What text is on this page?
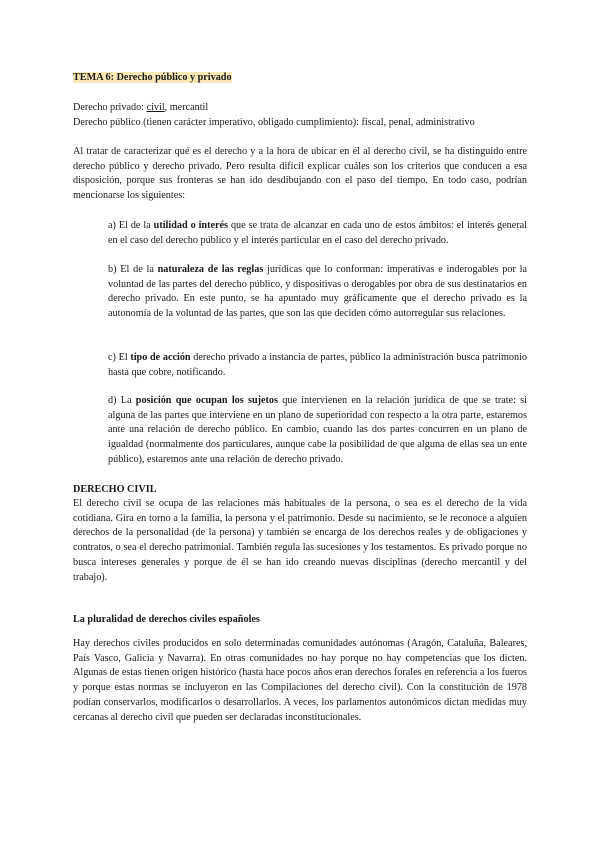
TEMA 6: Derecho público y privado

Derecho privado: civil, mercantil

Derecho público (tienen carácter imperativo, obligado cumplimiento): fiscal, penal, administrativo

Al tratar de caracterizar qué es el derecho y a la hora de ubicar en él al derecho civil, se ha distinguido entre derecho público y derecho privado. Pero resulta difícil explicar cuáles son los criterios que conducen a esa disposición, porque sus fronteras se han ido desdibujando con el paso del tiempo. En todo caso, podrían mencionarse los siguientes:

a) El de la utilidad o interés que se trata de alcanzar en cada uno de estos ámbitos: el interés general en el caso del derecho público y el interés particular en el caso del derecho privado.

b) El de la naturaleza de las reglas jurídicas que lo conforman: imperativas e inderogables por la voluntad de las partes del derecho público, y dispositivas o derogables por obra de sus destinatarios en derecho privado. En este punto, se ha apuntado muy gráficamente que el derecho privado es la autonomía de la voluntad de las partes, que son las que deciden cómo autorregular sus relaciones.

c) El tipo de acción derecho privado a instancia de partes, público la administración busca patrimonio hasta que cobre, notificando.

d) La posición que ocupan los sujetos que intervienen en la relación jurídica de que se trate: si alguna de las partes que interviene en un plano de superioridad con respecto a la otra parte, estaremos ante una relación de derecho público. En cambio, cuando las dos partes concurren en un plano de igualdad (normalmente dos particulares, aunque cabe la posibilidad de que alguna de ellas sea un ente público), estaremos ante una relación de derecho privado.

DERECHO CIVIL

El derecho civil se ocupa de las relaciones más habituales de la persona, o sea es el derecho de la vida cotidiana. Gira en torno a la familia, la persona y el patrimonio. Desde su nacimiento, se le reconoce a alguien derechos de la personalidad (de la persona) y también se encarga de los derechos reales y de obligaciones y contratos, o sea el derecho patrimonial. También regula las sucesiones y los testamentos. Es privado porque no busca intereses generales y porque de él se han ido creando nuevas disciplinas (derecho mercantil y del trabajo).

La pluralidad de derechos civiles españoles

Hay derechos civiles producidos en solo determinadas comunidades autónomas (Aragón, Cataluña, Baleares, País Vasco, Galicia y Navarra). En otras comunidades no hay porque no hay competencias que los dicten. Algunas de estas tienen origen histórico (hasta hace pocos años eran derechos forales en referencia a los fueros y porque estas normas se incluyeron en las Compilaciones del derecho civil). Con la constitución de 1978 podían conservarlos, modificarlos o desarrollarlos. A veces, los parlamentos autonómicos dictan medidas muy cercanas al derecho civil que pueden ser declaradas inconstitucionales.
